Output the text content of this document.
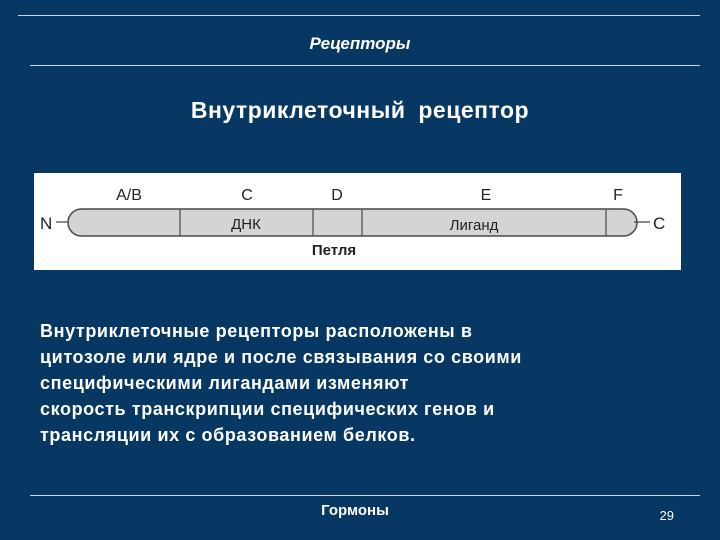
Рецепторы
Внутриклеточный рецептор
N
A/B	C	D	E	F
ДНК	Лиганд
Петля
C
Внутриклеточные рецепторы расположены в
цитозоле или ядре и после связывания со своими
специфическими лигандами изменяют
скорость транскрипции специфических генов и
трансляции их с образованием белков.
Гормоны	29
